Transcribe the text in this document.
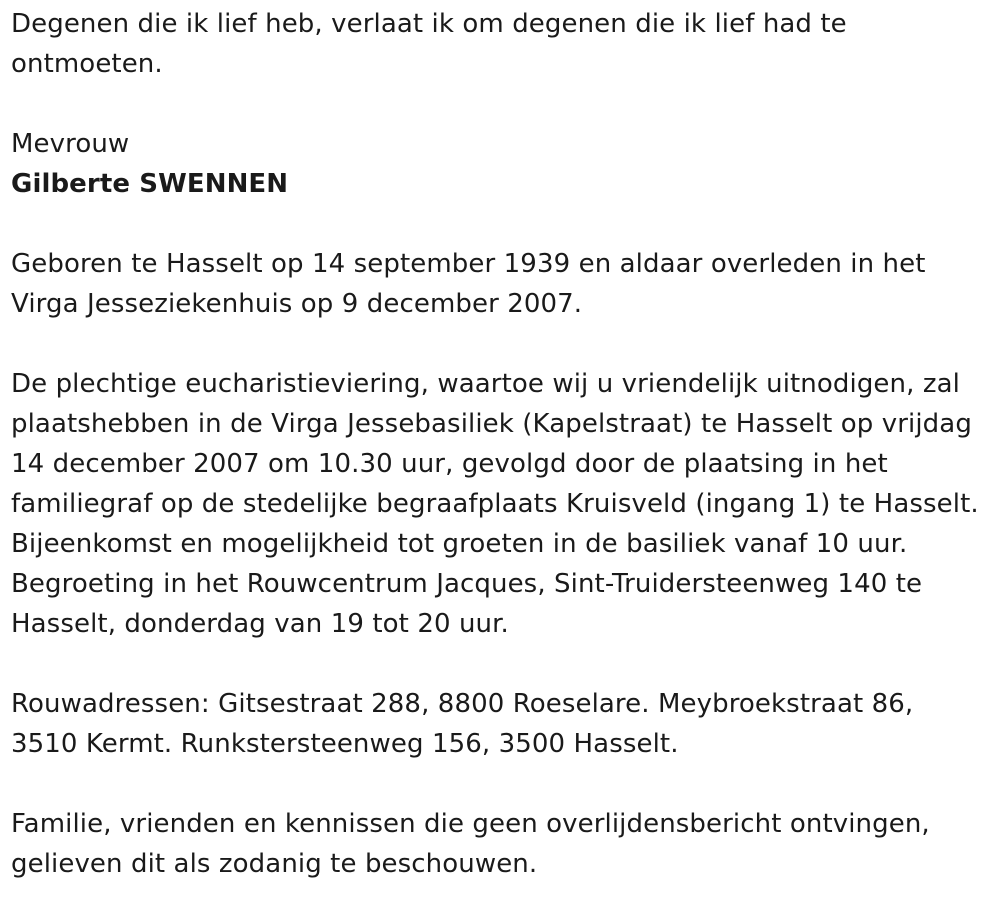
Degenen die ik lief heb, verlaat ik om degenen die ik lief had te

ontmoeten.

Mevrouw

Gilberte SWENNEN

Geboren te Hasselt op 14 september 1939 en aldaar overleden in het

Virga Jesseziekenhuis op 9 december 2007.

De plechtige eucharistieviering, waartoe wij u vriendelijk uitnodigen, zal

plaatshebben in de Virga Jessebasiliek (Kapelstraat) te Hasselt op vrijdag

14 december 2007 om 10.30 uur, gevolgd door de plaatsing in het

familiegraf op de stedelijke begraafplaats Kruisveld (ingang 1) te Hasselt.

Bijeenkomst en mogelijkheid tot groeten in de basiliek vanaf 10 uur.

Begroeting in het Rouwcentrum Jacques, Sint-Truidersteenweg 140 te

Hasselt, donderdag van 19 tot 20 uur.

Rouwadressen: Gitsestraat 288, 8800 Roeselare. Meybroekstraat 86,

3510 Kermt. Runkstersteenweg 156, 3500 Hasselt.

Familie, vrienden en kennissen die geen overlijdensbericht ontvingen,

gelieven dit als zodanig te beschouwen.
